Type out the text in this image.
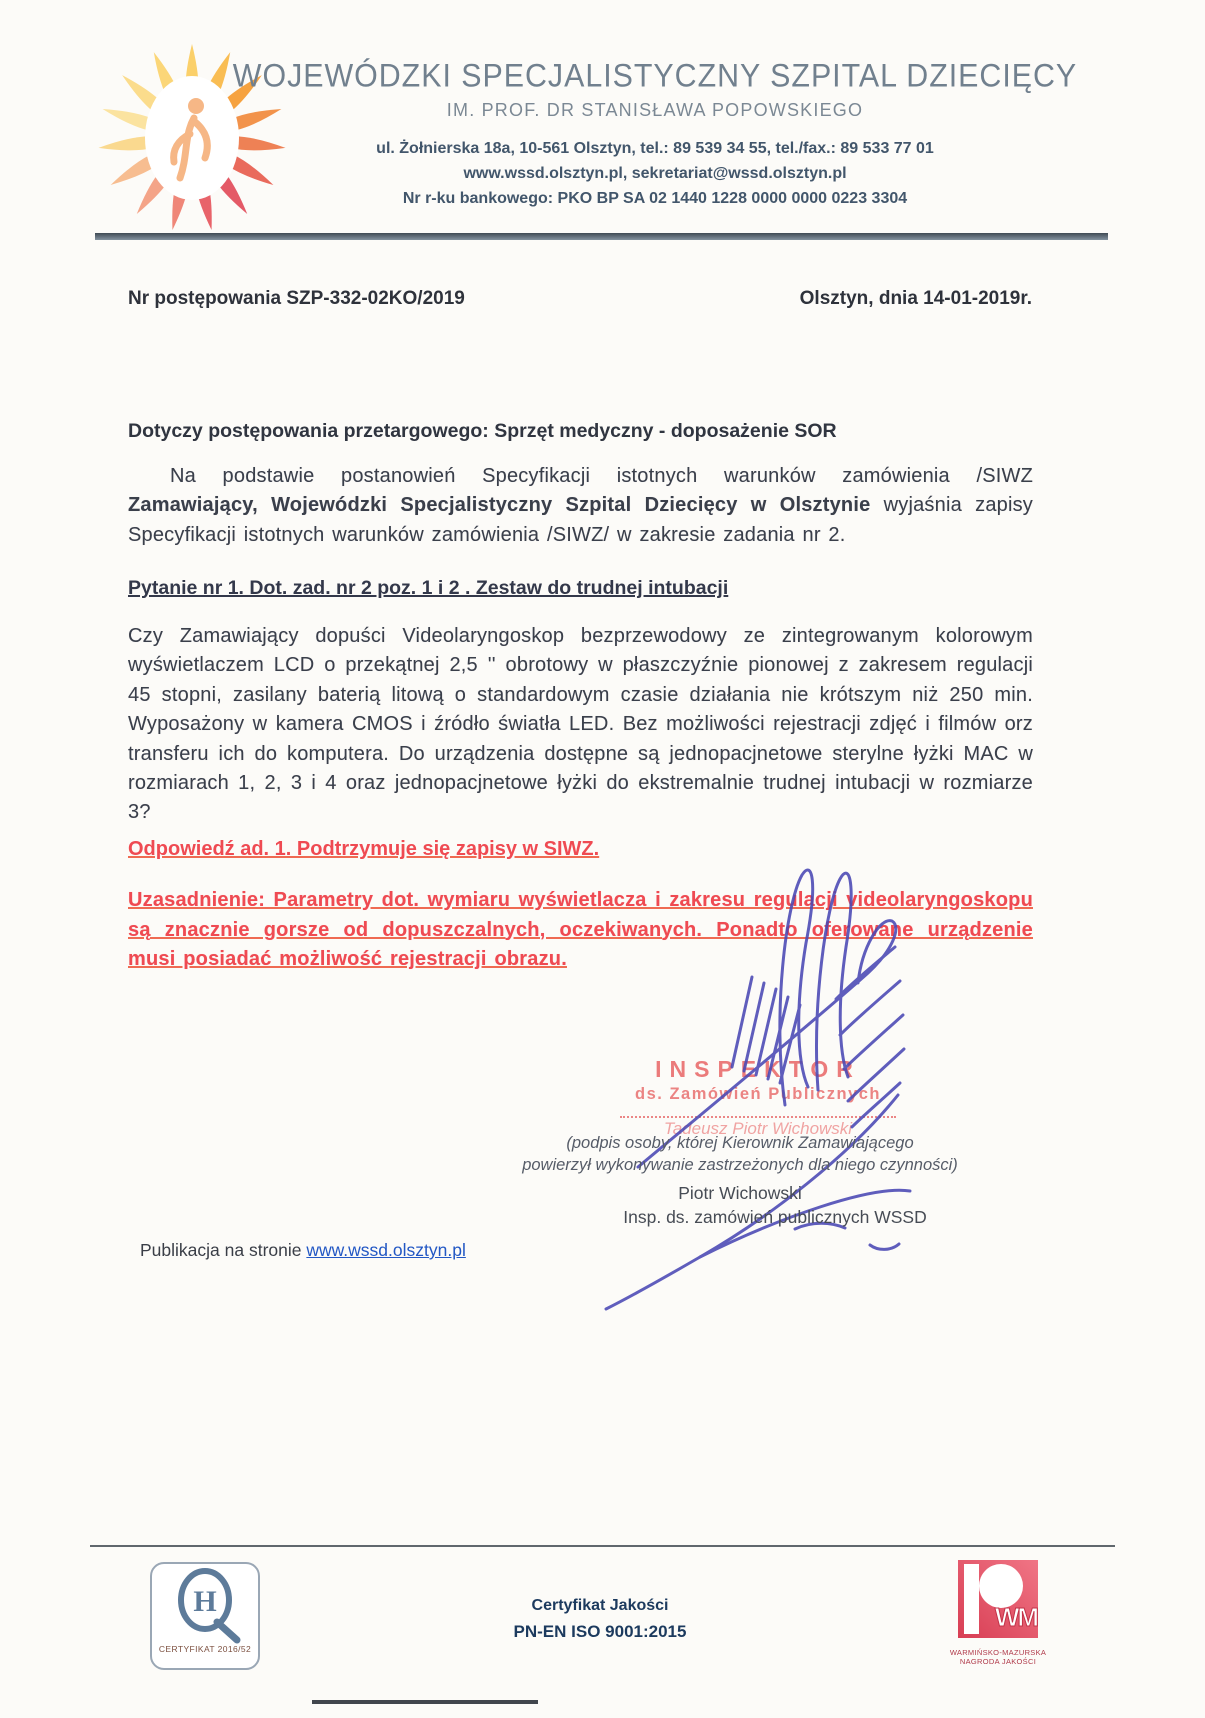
WOJEWÓDZKI SPECJALISTYCZNY SZPITAL DZIECIĘCY
IM. PROF. DR STANISŁAWA POPOWSKIEGO
ul. Żołnierska 18a, 10-561 Olsztyn, tel.: 89 539 34 55, tel./fax.: 89 533 77 01
www.wssd.olsztyn.pl, sekretariat@wssd.olsztyn.pl
Nr r-ku bankowego: PKO BP SA 02 1440 1228 0000 0000 0223 3304
Nr postępowania SZP-332-02KO/2019	Olsztyn, dnia 14-01-2019r.
Dotyczy postępowania przetargowego: Sprzęt medyczny - doposażenie SOR

Na podstawie postanowień Specyfikacji istotnych warunków zamówienia /SIWZ Zamawiający, Wojewódzki Specjalistyczny Szpital Dziecięcy w Olsztynie wyjaśnia zapisy Specyfikacji istotnych warunków zamówienia /SIWZ/ w zakresie zadania nr 2.

Pytanie nr 1. Dot. zad. nr 2 poz. 1 i 2 . Zestaw do trudnej intubacji

Czy Zamawiający dopuści Videolaryngoskop bezprzewodowy ze zintegrowanym kolorowym wyświetlaczem LCD o przekątnej 2,5 '' obrotowy w płaszczyźnie pionowej z zakresem regulacji 45 stopni, zasilany baterią litową o standardowym czasie działania nie krótszym niż 250 min. Wyposażony w kamera CMOS i źródło światła LED. Bez możliwości rejestracji zdjęć i filmów orz transferu ich do komputera. Do urządzenia dostępne są jednopacjnetowe sterylne łyżki MAC w rozmiarach 1, 2, 3 i 4 oraz jednopacjnetowe łyżki do ekstremalnie trudnej intubacji w rozmiarze 3?

Odpowiedź ad. 1. Podtrzymuje się zapisy w SIWZ.

Uzasadnienie: Parametry dot. wymiaru wyświetlacza i zakresu regulacji videolaryngoskopu są znacznie gorsze od dopuszczalnych, oczekiwanych. Ponadto oferowane urządzenie musi posiadać możliwość rejestracji obrazu.

INSPEKTOR
ds. Zamówień Publicznych
Tadeusz Piotr Wichowski
(podpis osoby, której Kierownik Zamawiającego
powierzył wykonywanie zastrzeżonych dla niego czynności)
Piotr Wichowski
Insp. ds. zamówień publicznych WSSD
Publikacja na stronie www.wssd.olsztyn.pl
H
CERTYFIKAT 2016/52
Certyfikat Jakości
PN-EN ISO 9001:2015	WM
WARMIŃSKO-MAZURSKA
NAGRODA JAKOŚCI
